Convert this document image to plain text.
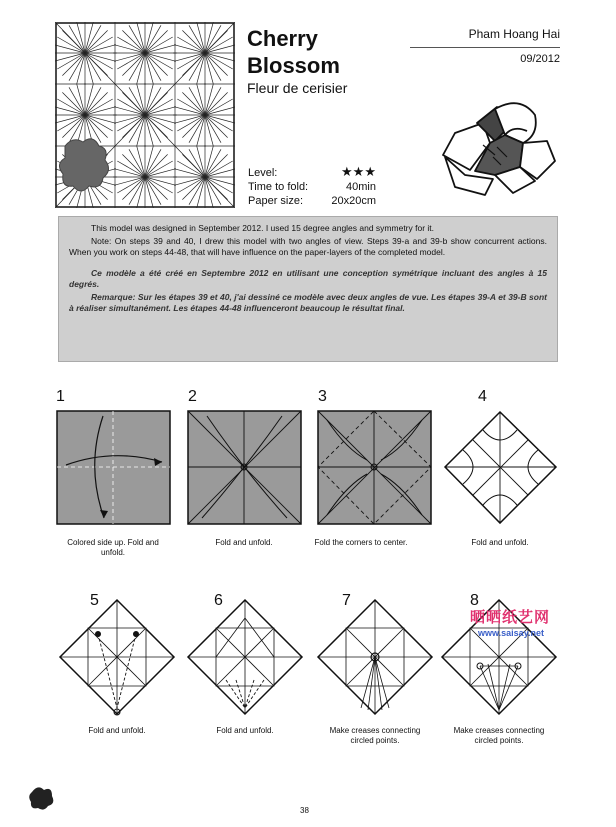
Cherry
Blossom
Fleur de cerisier
Pham Hoang Hai
09/2012
Level:	★★★
Time to fold:	40min
Paper size:	20x20cm

This model was designed in September 2012. I used 15 degree angles and symmetry for it.

Note: On steps 39 and 40, I drew this model with two angles of view. Steps 39-a and 39-b show concurrent actions. When you work on steps 44-48, that will have influence on the paper-layers of the completed model.

Ce modèle a été créé en Septembre 2012 en utilisant une conception symétrique incluant des angles à 15 degrés.

Remarque: Sur les étapes 39 et 40, j'ai dessiné ce modèle avec deux angles de vue. Les étapes 39-A et 39-B sont à réaliser simultanément. Les étapes 44-48 influenceront beaucoup le résultat final.

1	2	3	4
5	6	7	8
Colored side up. Fold and unfold.
Fold and unfold.	Fold the corners to center.	Fold and unfold.
Fold and unfold.	Fold and unfold.	Make creases connecting circled points.
Make creases connecting circled points.
晒晒纸艺网
www.saisay.net
38
